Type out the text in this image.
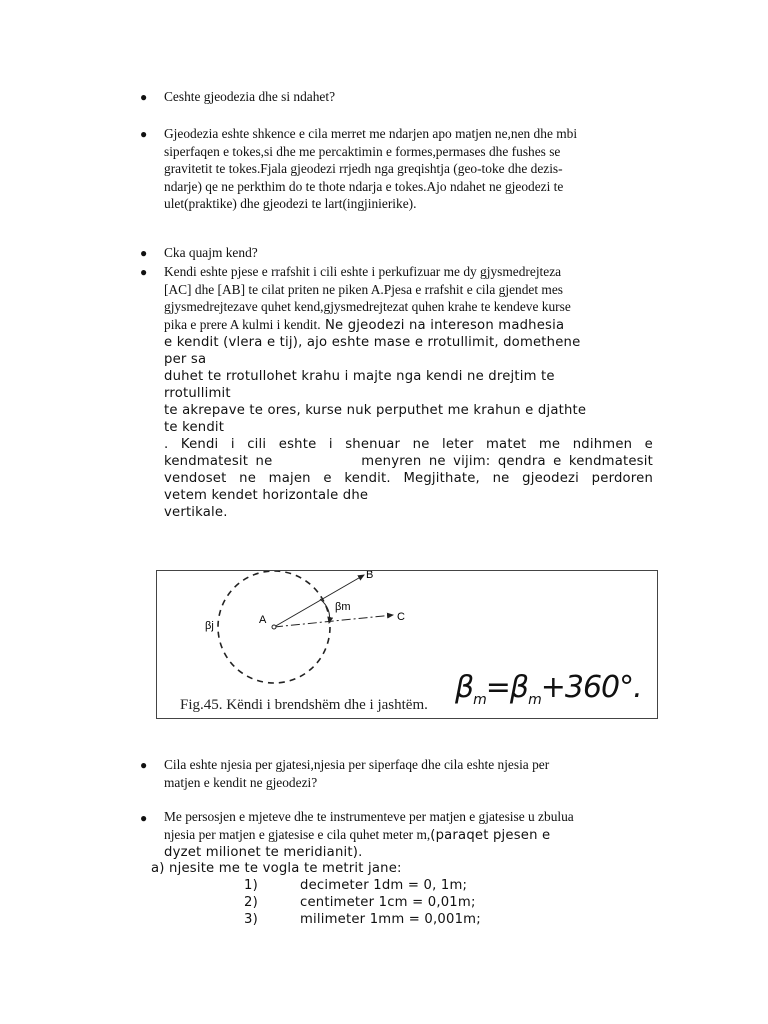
● Ceshte gjeodezia dhe si ndahet?

● Gjeodezia eshte shkence e cila merret me ndarjen apo matjen ne,nen dhe mbi

siperfaqen e tokes,si dhe me percaktimin e formes,permases dhe fushes se

gravitetit te tokes.Fjala gjeodezi rrjedh nga greqishtja (geo-toke dhe dezis-

ndarje) qe ne perkthim do te thote ndarja e tokes.Ajo ndahet ne gjeodezi te

ulet(praktike) dhe gjeodezi te lart(ingjinierike).

● Cka quajm kend?

● Kendi eshte pjese e rrafshit i cili eshte i perkufizuar me dy gjysmedrejteza

[AC] dhe [AB] te cilat priten ne piken A.Pjesa e rrafshit e cila gjendet mes

gjysmedrejtezave quhet kend,gjysmedrejtezat quhen krahe te kendeve kurse

pika e prere A kulmi i kendit. Ne gjeodezi na intereson madhesia

e kendit (vlera e tij), ajo eshte mase e rrotullimit, domethene

per sa

duhet te rrotullohet krahu i majte nga kendi ne drejtim te

rrotullimit

te akrepave te ores, kurse nuk perputhet me krahun e djathte

te kendit

. Kendi i cili eshte i shenuar ne leter matet me ndihmen e

kendmatesit ne            menyren ne vijim: qendra e kendmatesit

vendoset ne majen e kendit. Megjithate, ne gjeodezi perdoren

vetem kendet horizontale dhe

vertikale.

B
A	C
βm
βj
Fig.45. Këndi i brendshëm dhe i jashtëm. $\beta_m=\beta_m+360^\circ$.
● Cila eshte njesia per gjatesi,njesia per siperfaqe dhe cila eshte njesia per

matjen e kendit ne gjeodezi?

● Me persosjen e mjeteve dhe te instrumenteve per matjen e gjatesise u zbulua

njesia per matjen e gjatesise e cila quhet meter m,(paraqet pjesen e

dyzet milionet te meridianit).

a) njesite me te vogla te metrit jane:
1)	decimeter 1dm = 0, 1m;
2)	centimeter 1cm = 0,01m;
3)	milimeter 1mm = 0,001m;
